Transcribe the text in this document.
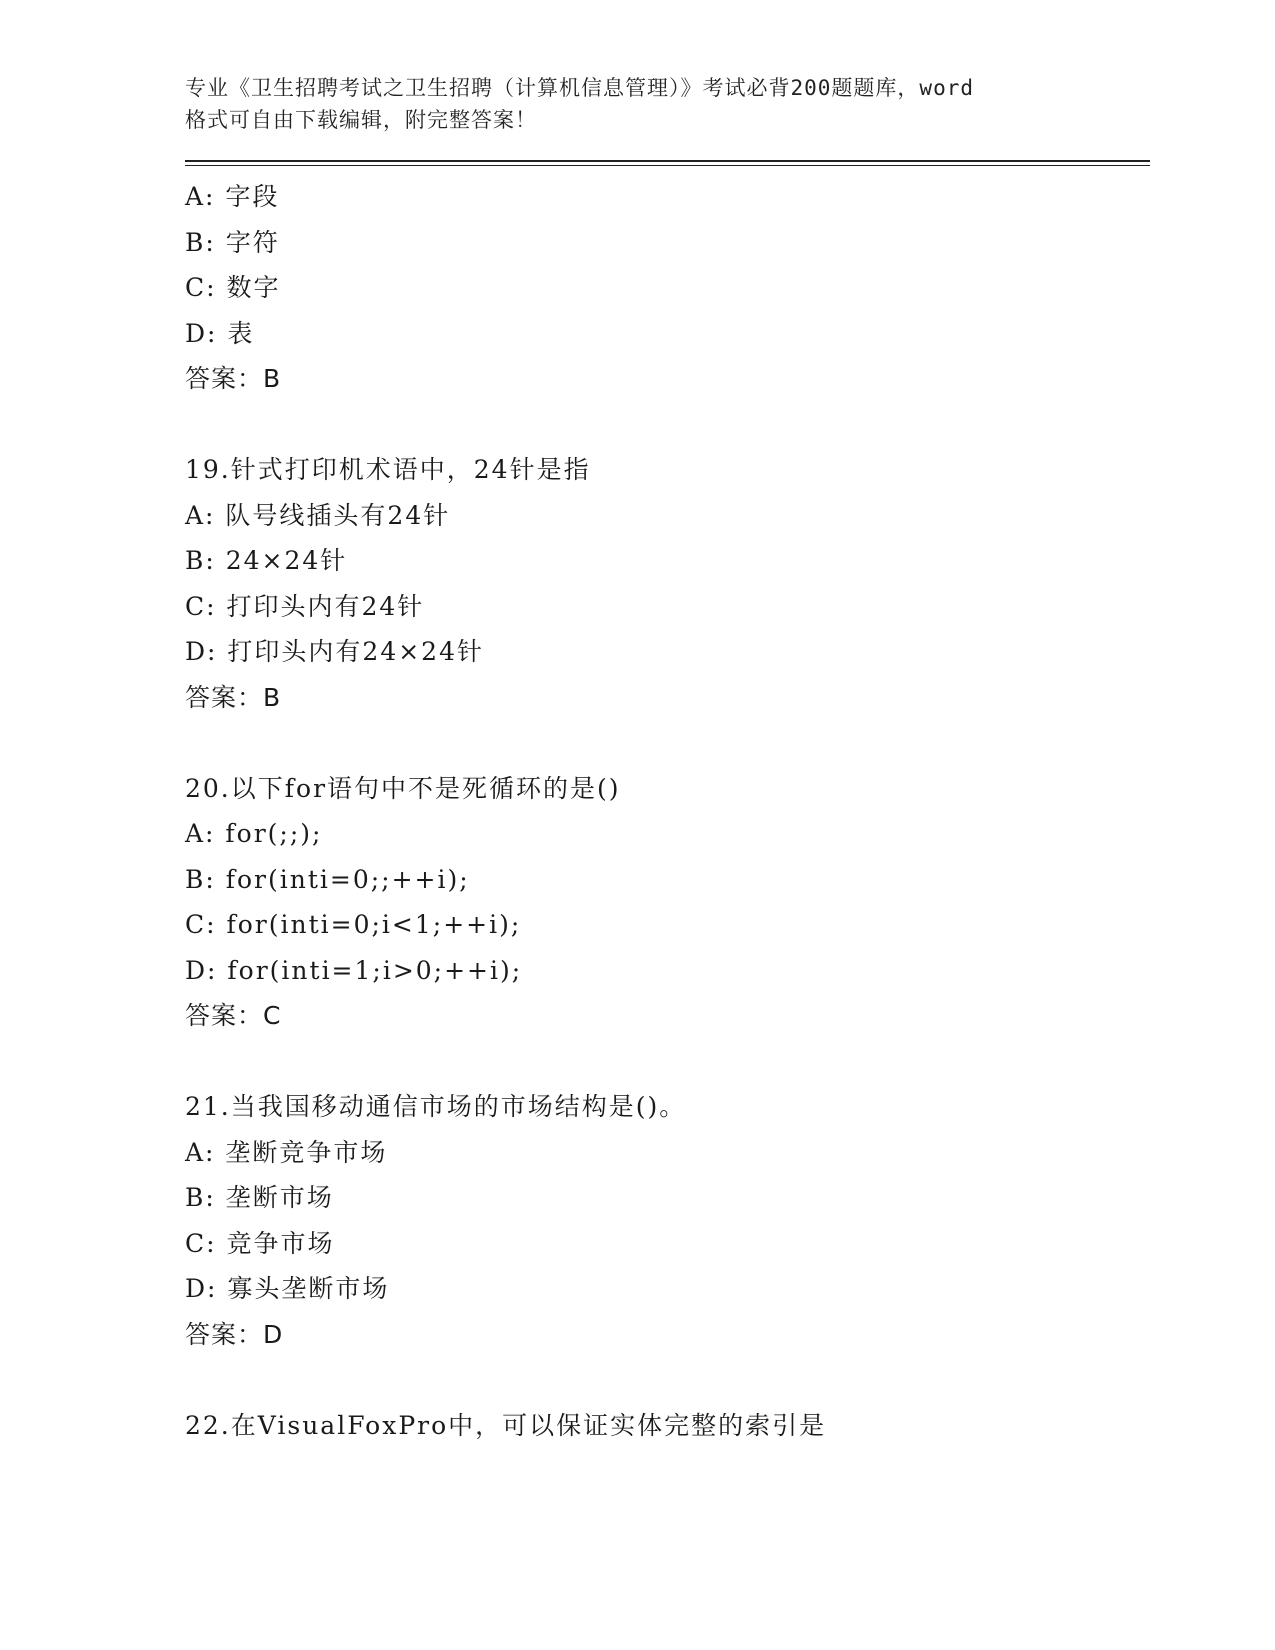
专业《卫生招聘考试之卫生招聘（计算机信息管理）》考试必背200题题库，word
格式可自由下载编辑，附完整答案！
A: 字段
B: 字符
C: 数字
D: 表
答案：B
19.针式打印机术语中，24针是指
A: 队号线插头有24针
B: 24×24针
C: 打印头内有24针
D: 打印头内有24×24针
答案：B
20.以下for语句中不是死循环的是()
A: for(;;);
B: for(inti=0;;++i);
C: for(inti=0;i<1;++i);
D: for(inti=1;i>0;++i);
答案：C
21.当我国移动通信市场的市场结构是()。
A: 垄断竞争市场
B: 垄断市场
C: 竞争市场
D: 寡头垄断市场
答案：D
22.在VisualFoxPro中，可以保证实体完整的索引是
